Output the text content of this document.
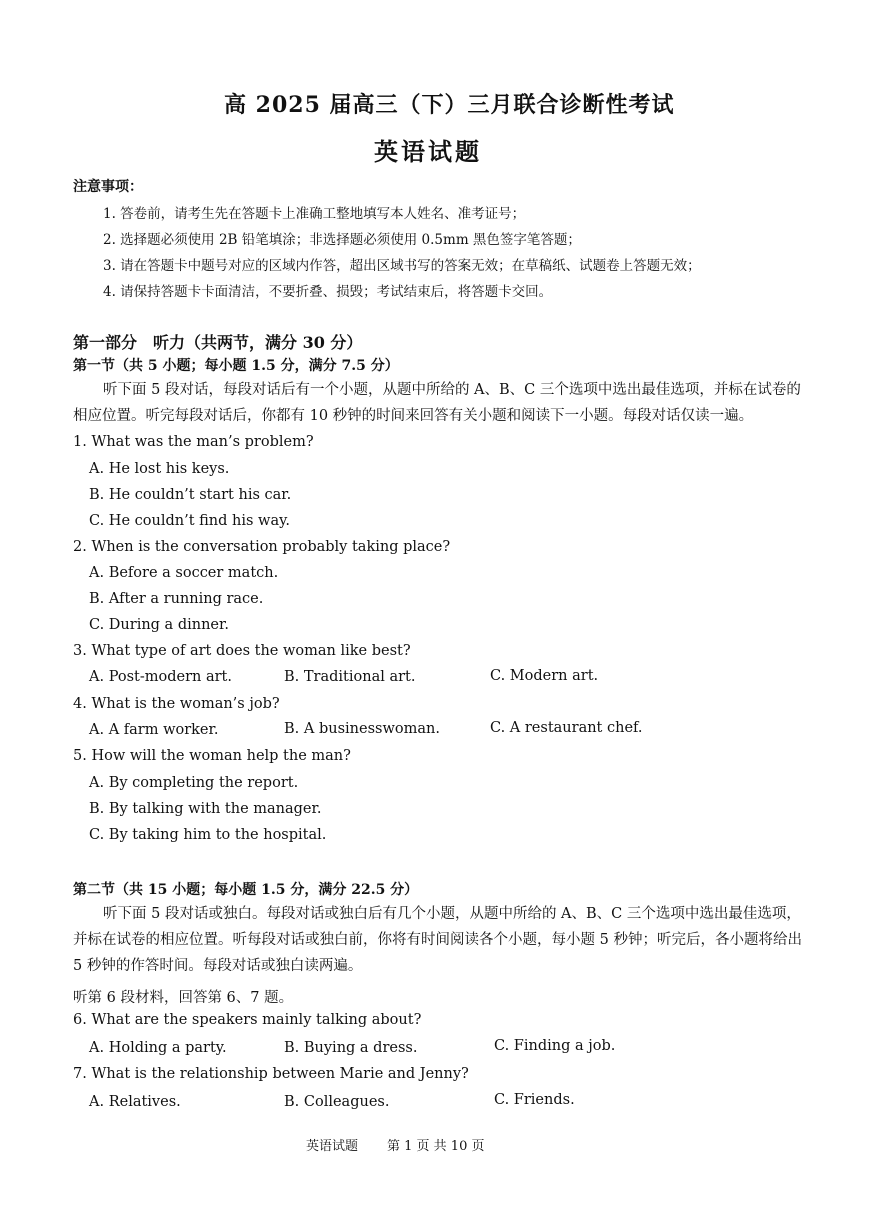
高 2025 届高三（下）三月联合诊断性考试
英语试题
注意事项：
1. 答卷前，请考生先在答题卡上准确工整地填写本人姓名、准考证号；
2. 选择题必须使用 2B 铅笔填涂；非选择题必须使用 0.5mm 黑色签字笔答题；
3. 请在答题卡中题号对应的区域内作答，超出区域书写的答案无效；在草稿纸、试题卷上答题无效；
4. 请保持答题卡卡面清洁，不要折叠、损毁；考试结束后，将答题卡交回。
第一部分　听力（共两节，满分 30 分）
第一节（共 5 小题；每小题 1.5 分，满分 7.5 分）
听下面 5 段对话，每段对话后有一个小题，从题中所给的 A、B、C 三个选项中选出最佳选项，并标在试卷的相应位置。听完每段对话后，你都有 10 秒钟的时间来回答有关小题和阅读下一小题。每段对话仅读一遍。
1. What was the man’s problem?
A. He lost his keys.
B. He couldn’t start his car.
C. He couldn’t find his way.
2. When is the conversation probably taking place?
A. Before a soccer match.
B. After a running race.
C. During a dinner.
3. What type of art does the woman like best?
A. Post-modern art.	B. Traditional art.	C. Modern art.
4. What is the woman’s job?
A. A farm worker.	B. A businesswoman.	C. A restaurant chef.
5. How will the woman help the man?
A. By completing the report.
B. By talking with the manager.
C. By taking him to the hospital.
第二节（共 15 小题；每小题 1.5 分，满分 22.5 分）
听下面 5 段对话或独白。每段对话或独白后有几个小题，从题中所给的 A、B、C 三个选项中选出最佳选项，并标在试卷的相应位置。听每段对话或独白前，你将有时间阅读各个小题，每小题 5 秒钟；听完后，各小题将给出 5 秒钟的作答时间。每段对话或独白读两遍。
听第 6 段材料，回答第 6、7 题。
6. What are the speakers mainly talking about?
A. Holding a party.	B. Buying a dress.	C. Finding a job.
7. What is the relationship between Marie and Jenny?
A. Relatives.	B. Colleagues.	C. Friends.
英语试题 第 1 页 共 10 页
